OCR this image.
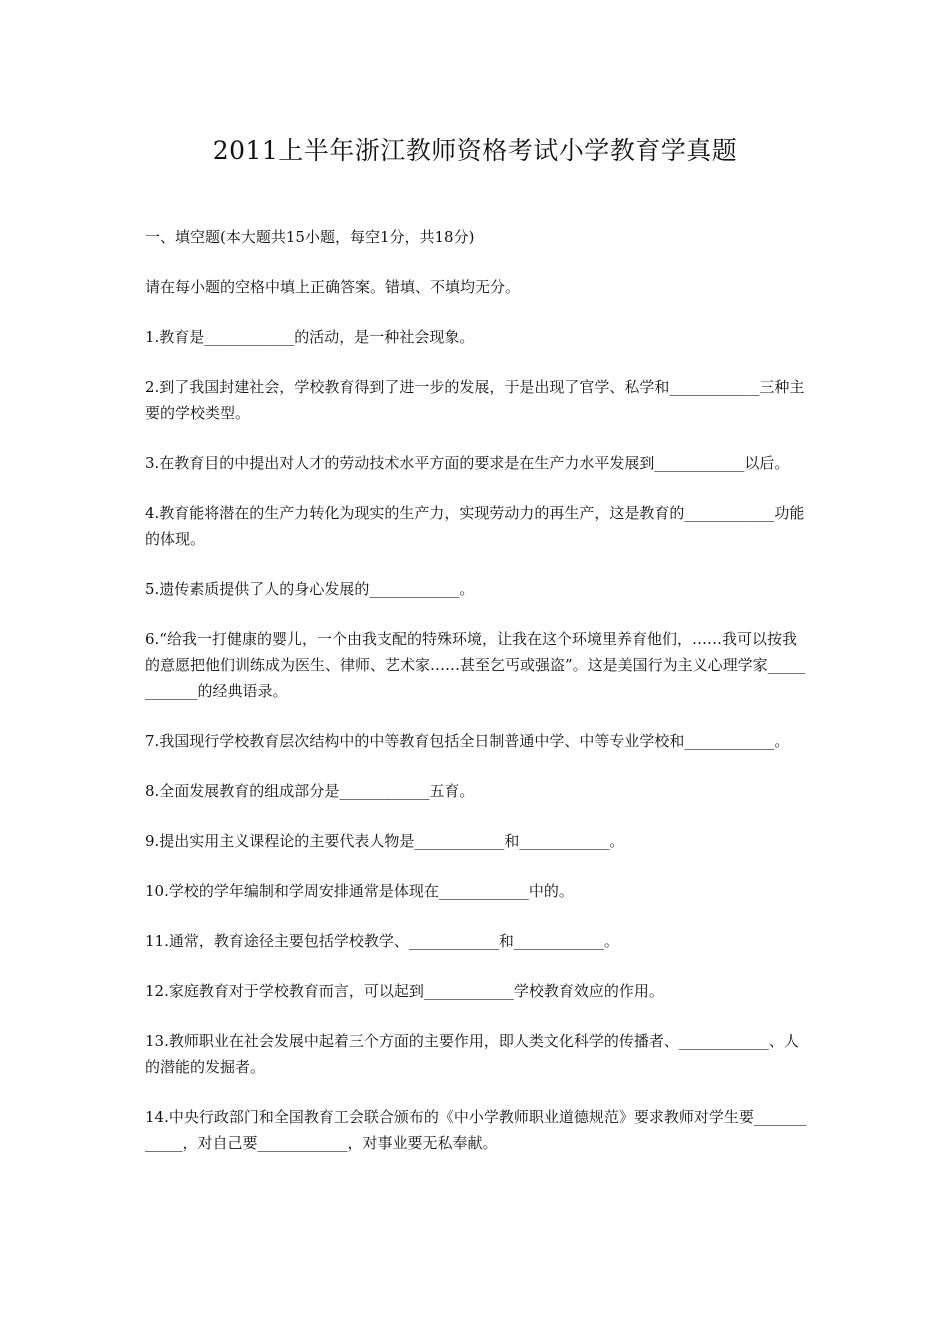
2011上半年浙江教师资格考试小学教育学真题

一、填空题(本大题共15小题，每空1分，共18分)

请在每小题的空格中填上正确答案。错填、不填均无分。

1.教育是____________的活动，是一种社会现象。

2.到了我国封建社会，学校教育得到了进一步的发展，于是出现了官学、私学和____________三种主要的学校类型。

3.在教育目的中提出对人才的劳动技术水平方面的要求是在生产力水平发展到____________以后。

4.教育能将潜在的生产力转化为现实的生产力，实现劳动力的再生产，这是教育的____________功能的体现。

5.遗传素质提供了人的身心发展的____________。

6.“给我一打健康的婴儿，一个由我支配的特殊环境，让我在这个环境里养育他们，……我可以按我的意愿把他们训练成为医生、律师、艺术家……甚至乞丐或强盗”。这是美国行为主义心理学家____________的经典语录。

7.我国现行学校教育层次结构中的中等教育包括全日制普通中学、中等专业学校和____________。

8.全面发展教育的组成部分是____________五育。

9.提出实用主义课程论的主要代表人物是____________和____________。

10.学校的学年编制和学周安排通常是体现在____________中的。

11.通常，教育途径主要包括学校教学、____________和____________。

12.家庭教育对于学校教育而言，可以起到____________学校教育效应的作用。

13.教师职业在社会发展中起着三个方面的主要作用，即人类文化科学的传播者、____________、人的潜能的发掘者。

14.中央行政部门和全国教育工会联合颁布的《中小学教师职业道德规范》要求教师对学生要____________，对自己要____________，对事业要无私奉献。
